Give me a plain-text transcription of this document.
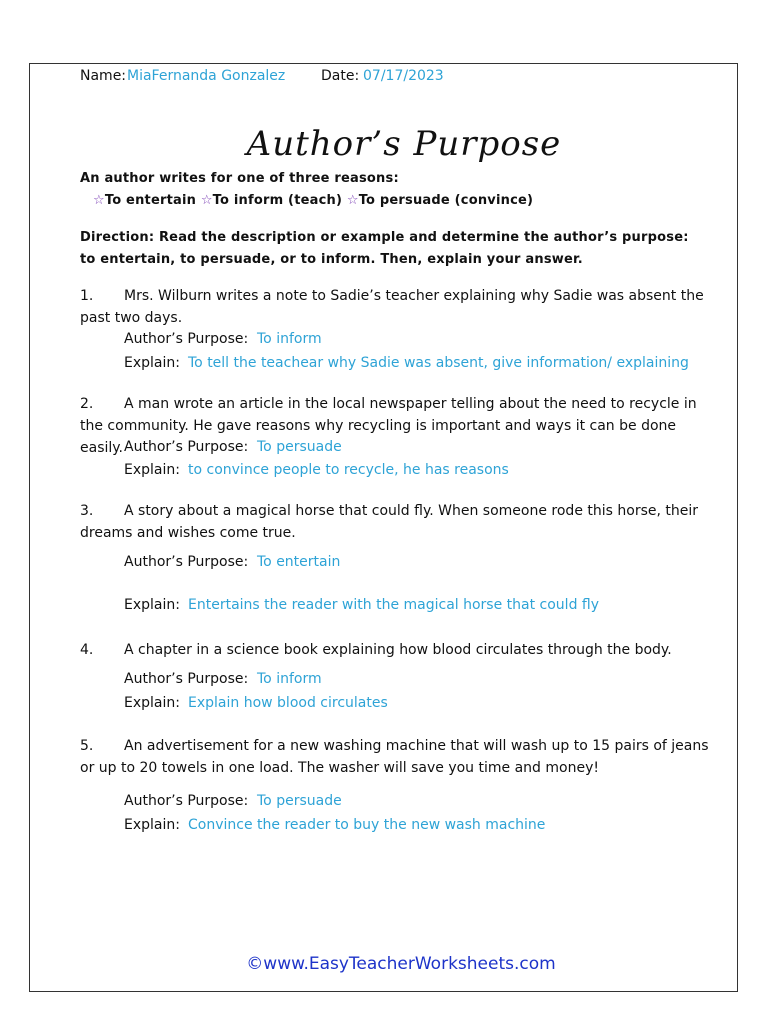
Name: MiaFernanda Gonzalez	Date: 07/17/2023
Author’s Purpose
An author writes for one of three reasons:
☆To entertain ☆To inform (teach) ☆To persuade (convince)
Direction: Read the description or example and determine the author’s purpose:
to entertain, to persuade, or to inform. Then, explain your answer.
1. Mrs. Wilburn writes a note to Sadie’s teacher explaining why Sadie was absent the past two days.
Author’s Purpose: To inform
Explain: To tell the teachear why Sadie was absent, give information/ explaining
2. A man wrote an article in the local newspaper telling about the need to recycle in the community. He gave reasons why recycling is important and ways it can be done easily. Author’s Purpose: To persuade
Explain: to convince people to recycle, he has reasons
3. A story about a magical horse that could fly. When someone rode this horse, their dreams and wishes come true.
Author’s Purpose: To entertain
Explain: Entertains the reader with the magical horse that could fly
4. A chapter in a science book explaining how blood circulates through the body.
Author’s Purpose: To inform
Explain: Explain how blood circulates
5. An advertisement for a new washing machine that will wash up to 15 pairs of jeans or up to 20 towels in one load. The washer will save you time and money!
Author’s Purpose: To persuade
Explain: Convince the reader to buy the new wash machine
©www.EasyTeacherWorksheets.com
